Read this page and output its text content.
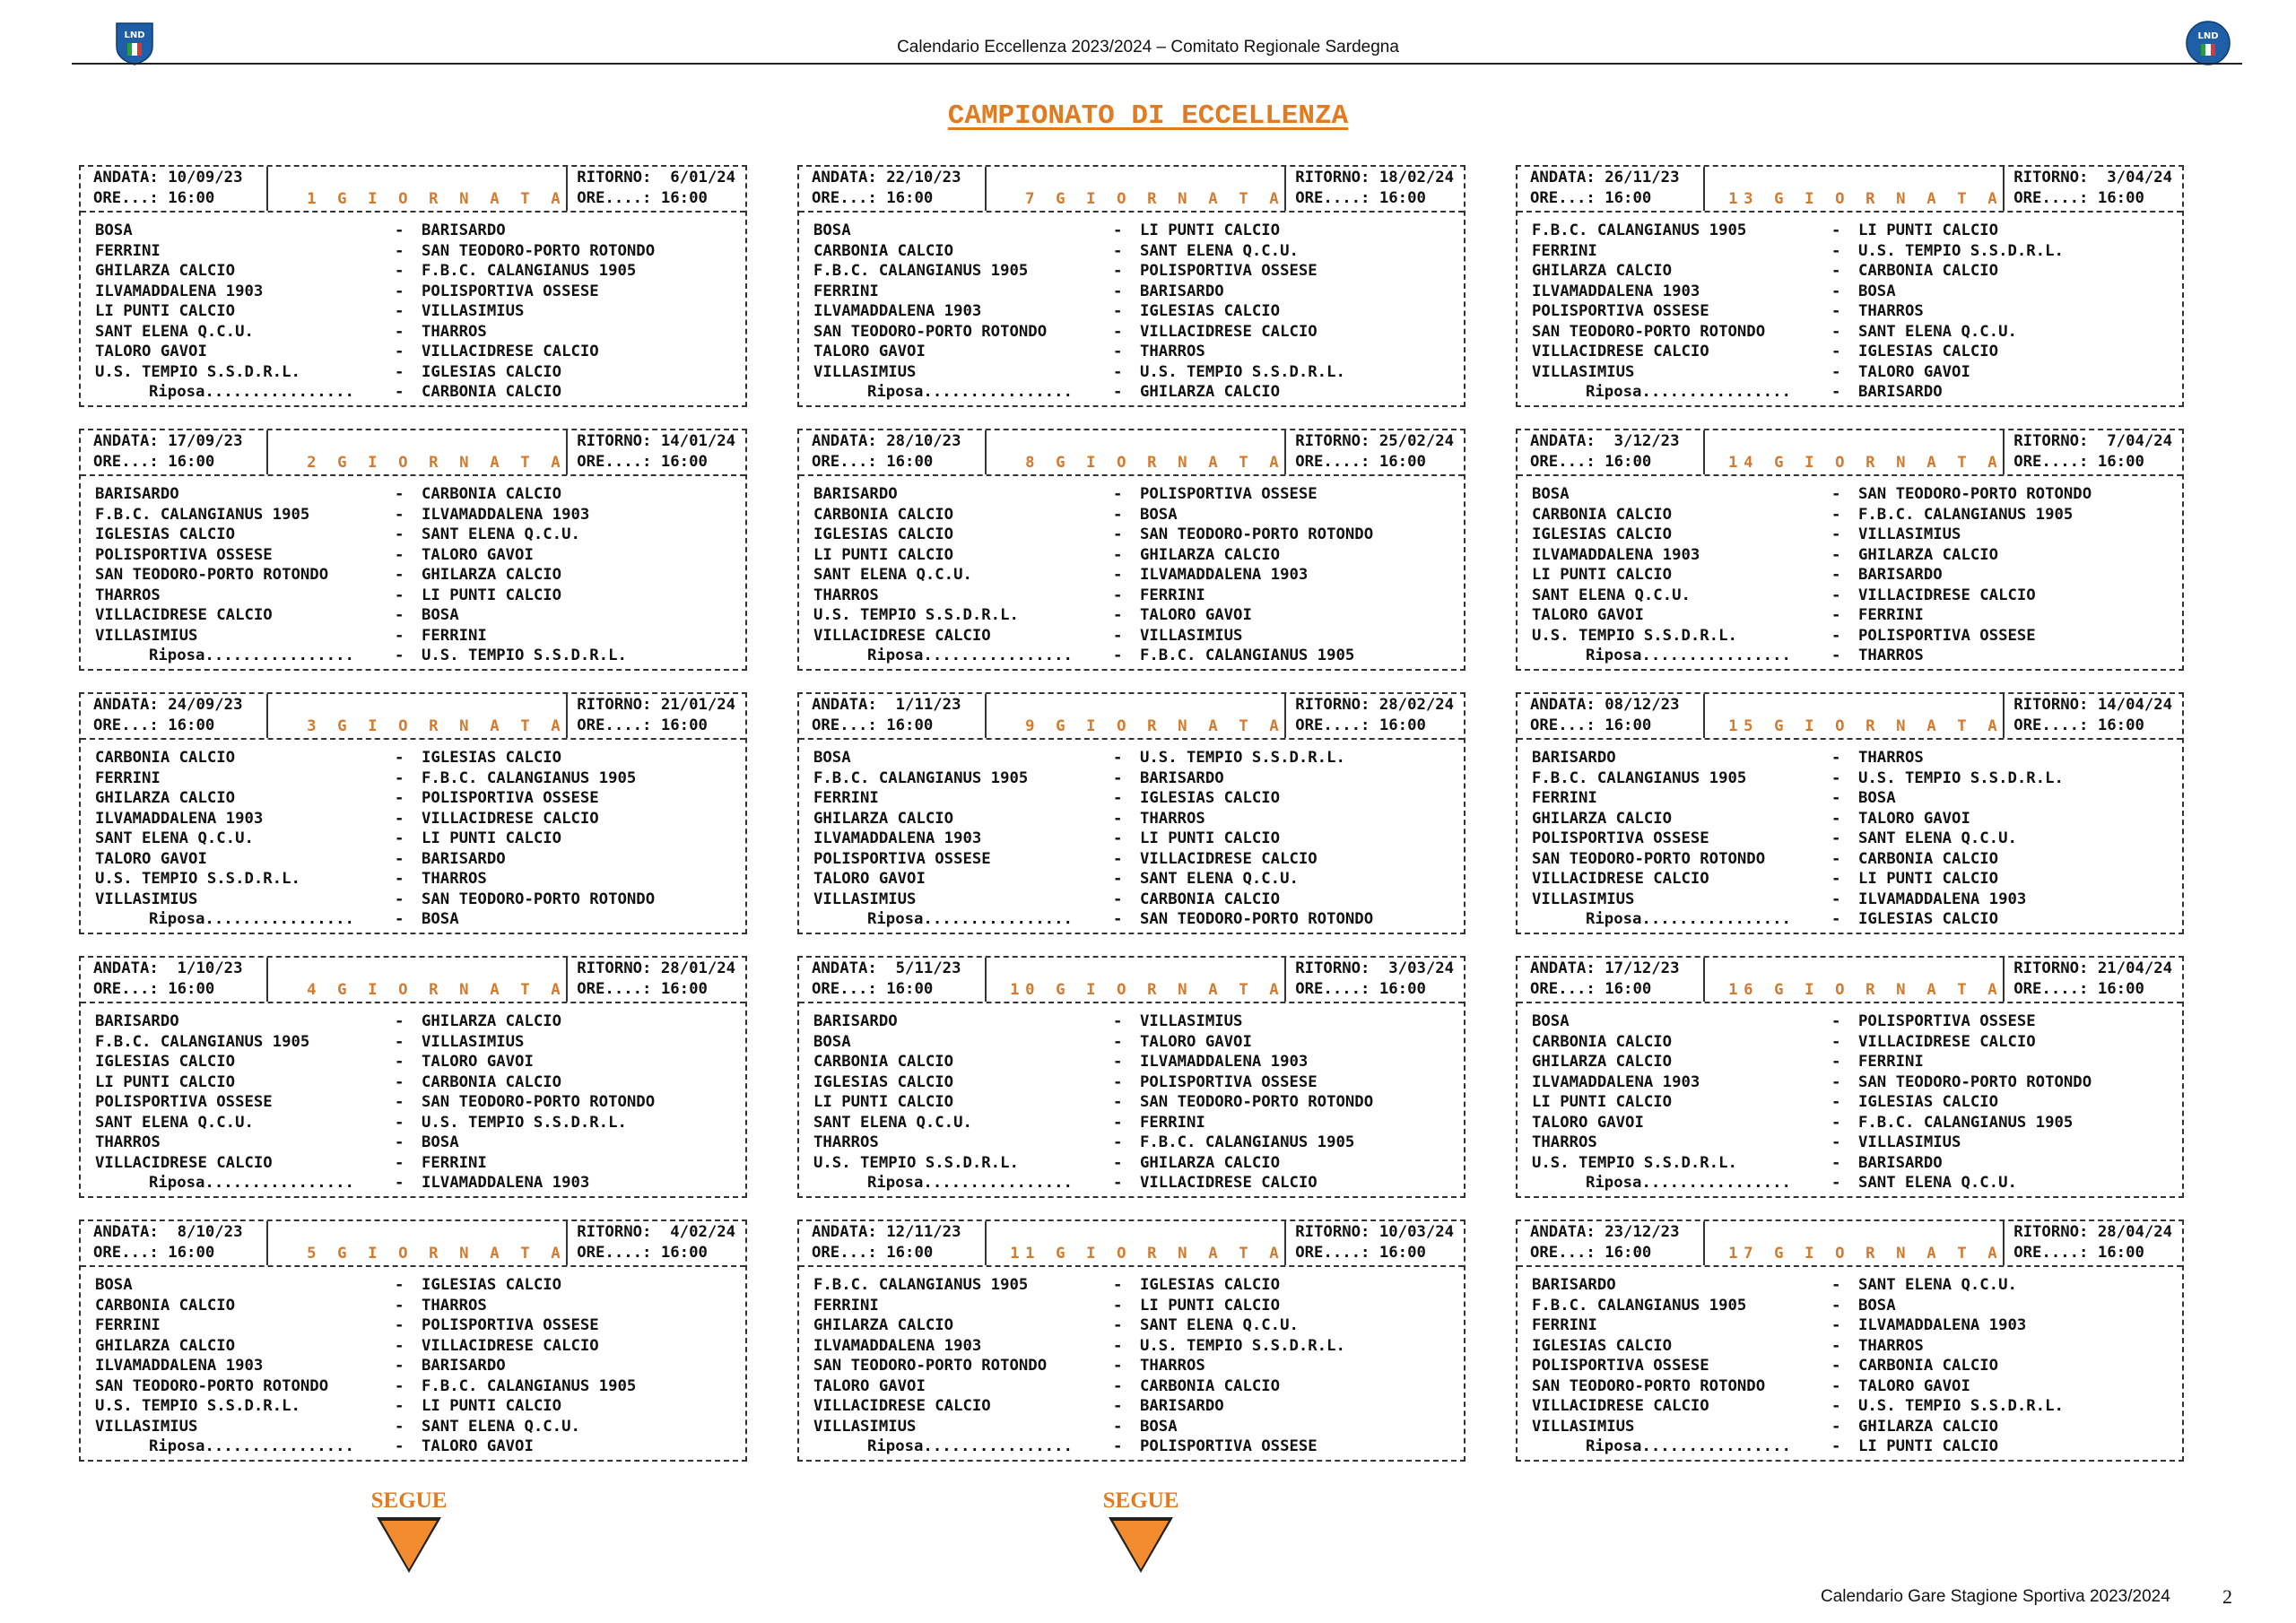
LND	LND
Calendario Eccellenza 2023/2024 – Comitato Regionale Sardegna
CAMPIONATO DI ECCELLENZA
ANDATA: 10/09/23
ORE...: 16:00	1 G I O R N A T A
RITORNO:  6/01/24
ORE....: 16:00
BOSA	-	BARISARDO
FERRINI	-	SAN TEODORO-PORTO ROTONDO
GHILARZA CALCIO	-	F.B.C. CALANGIANUS 1905
ILVAMADDALENA 1903	-	POLISPORTIVA OSSESE
LI PUNTI CALCIO	-	VILLASIMIUS
SANT ELENA Q.C.U.	-	THARROS
TALORO GAVOI	-	VILLACIDRESE CALCIO
U.S. TEMPIO S.S.D.R.L.	-	IGLESIAS CALCIO
Riposa................	-	CARBONIA CALCIO
ANDATA: 17/09/23
ORE...: 16:00	2 G I O R N A T A
RITORNO: 14/01/24
ORE....: 16:00
BARISARDO	-	CARBONIA CALCIO
F.B.C. CALANGIANUS 1905	-	ILVAMADDALENA 1903
IGLESIAS CALCIO	-	SANT ELENA Q.C.U.
POLISPORTIVA OSSESE	-	TALORO GAVOI
SAN TEODORO-PORTO ROTONDO	-	GHILARZA CALCIO
THARROS	-	LI PUNTI CALCIO
VILLACIDRESE CALCIO	-	BOSA
VILLASIMIUS	-	FERRINI
Riposa................	-	U.S. TEMPIO S.S.D.R.L.
ANDATA: 24/09/23
ORE...: 16:00	3 G I O R N A T A
RITORNO: 21/01/24
ORE....: 16:00
CARBONIA CALCIO	-	IGLESIAS CALCIO
FERRINI	-	F.B.C. CALANGIANUS 1905
GHILARZA CALCIO	-	POLISPORTIVA OSSESE
ILVAMADDALENA 1903	-	VILLACIDRESE CALCIO
SANT ELENA Q.C.U.	-	LI PUNTI CALCIO
TALORO GAVOI	-	BARISARDO
U.S. TEMPIO S.S.D.R.L.	-	THARROS
VILLASIMIUS	-	SAN TEODORO-PORTO ROTONDO
Riposa................	-	BOSA
ANDATA:  1/10/23
ORE...: 16:00	4 G I O R N A T A
RITORNO: 28/01/24
ORE....: 16:00
BARISARDO	-	GHILARZA CALCIO
F.B.C. CALANGIANUS 1905	-	VILLASIMIUS
IGLESIAS CALCIO	-	TALORO GAVOI
LI PUNTI CALCIO	-	CARBONIA CALCIO
POLISPORTIVA OSSESE	-	SAN TEODORO-PORTO ROTONDO
SANT ELENA Q.C.U.	-	U.S. TEMPIO S.S.D.R.L.
THARROS	-	BOSA
VILLACIDRESE CALCIO	-	FERRINI
Riposa................	-	ILVAMADDALENA 1903
ANDATA:  8/10/23
ORE...: 16:00	5 G I O R N A T A
RITORNO:  4/02/24
ORE....: 16:00
BOSA	-	IGLESIAS CALCIO
CARBONIA CALCIO	-	THARROS
FERRINI	-	POLISPORTIVA OSSESE
GHILARZA CALCIO	-	VILLACIDRESE CALCIO
ILVAMADDALENA 1903	-	BARISARDO
SAN TEODORO-PORTO ROTONDO	-	F.B.C. CALANGIANUS 1905
U.S. TEMPIO S.S.D.R.L.	-	LI PUNTI CALCIO
VILLASIMIUS	-	SANT ELENA Q.C.U.
Riposa................	-	TALORO GAVOI
ANDATA: 22/10/23
ORE...: 16:00	7 G I O R N A T A
RITORNO: 18/02/24
ORE....: 16:00
BOSA	-	LI PUNTI CALCIO
CARBONIA CALCIO	-	SANT ELENA Q.C.U.
F.B.C. CALANGIANUS 1905	-	POLISPORTIVA OSSESE
FERRINI	-	BARISARDO
ILVAMADDALENA 1903	-	IGLESIAS CALCIO
SAN TEODORO-PORTO ROTONDO	-	VILLACIDRESE CALCIO
TALORO GAVOI	-	THARROS
VILLASIMIUS	-	U.S. TEMPIO S.S.D.R.L.
Riposa................	-	GHILARZA CALCIO
ANDATA: 28/10/23
ORE...: 16:00	8 G I O R N A T A
RITORNO: 25/02/24
ORE....: 16:00
BARISARDO	-	POLISPORTIVA OSSESE
CARBONIA CALCIO	-	BOSA
IGLESIAS CALCIO	-	SAN TEODORO-PORTO ROTONDO
LI PUNTI CALCIO	-	GHILARZA CALCIO
SANT ELENA Q.C.U.	-	ILVAMADDALENA 1903
THARROS	-	FERRINI
U.S. TEMPIO S.S.D.R.L.	-	TALORO GAVOI
VILLACIDRESE CALCIO	-	VILLASIMIUS
Riposa................	-	F.B.C. CALANGIANUS 1905
ANDATA:  1/11/23
ORE...: 16:00	9 G I O R N A T A
RITORNO: 28/02/24
ORE....: 16:00
BOSA	-	U.S. TEMPIO S.S.D.R.L.
F.B.C. CALANGIANUS 1905	-	BARISARDO
FERRINI	-	IGLESIAS CALCIO
GHILARZA CALCIO	-	THARROS
ILVAMADDALENA 1903	-	LI PUNTI CALCIO
POLISPORTIVA OSSESE	-	VILLACIDRESE CALCIO
TALORO GAVOI	-	SANT ELENA Q.C.U.
VILLASIMIUS	-	CARBONIA CALCIO
Riposa................	-	SAN TEODORO-PORTO ROTONDO
ANDATA:  5/11/23
ORE...: 16:00	10 G I O R N A T A
RITORNO:  3/03/24
ORE....: 16:00
BARISARDO	-	VILLASIMIUS
BOSA	-	TALORO GAVOI
CARBONIA CALCIO	-	ILVAMADDALENA 1903
IGLESIAS CALCIO	-	POLISPORTIVA OSSESE
LI PUNTI CALCIO	-	SAN TEODORO-PORTO ROTONDO
SANT ELENA Q.C.U.	-	FERRINI
THARROS	-	F.B.C. CALANGIANUS 1905
U.S. TEMPIO S.S.D.R.L.	-	GHILARZA CALCIO
Riposa................	-	VILLACIDRESE CALCIO
ANDATA: 12/11/23
ORE...: 16:00	11 G I O R N A T A
RITORNO: 10/03/24
ORE....: 16:00
F.B.C. CALANGIANUS 1905	-	IGLESIAS CALCIO
FERRINI	-	LI PUNTI CALCIO
GHILARZA CALCIO	-	SANT ELENA Q.C.U.
ILVAMADDALENA 1903	-	U.S. TEMPIO S.S.D.R.L.
SAN TEODORO-PORTO ROTONDO	-	THARROS
TALORO GAVOI	-	CARBONIA CALCIO
VILLACIDRESE CALCIO	-	BARISARDO
VILLASIMIUS	-	BOSA
Riposa................	-	POLISPORTIVA OSSESE
ANDATA: 26/11/23
ORE...: 16:00	13 G I O R N A T A
RITORNO:  3/04/24
ORE....: 16:00
F.B.C. CALANGIANUS 1905	-	LI PUNTI CALCIO
FERRINI	-	U.S. TEMPIO S.S.D.R.L.
GHILARZA CALCIO	-	CARBONIA CALCIO
ILVAMADDALENA 1903	-	BOSA
POLISPORTIVA OSSESE	-	THARROS
SAN TEODORO-PORTO ROTONDO	-	SANT ELENA Q.C.U.
VILLACIDRESE CALCIO	-	IGLESIAS CALCIO
VILLASIMIUS	-	TALORO GAVOI
Riposa................	-	BARISARDO
ANDATA:  3/12/23
ORE...: 16:00	14 G I O R N A T A
RITORNO:  7/04/24
ORE....: 16:00
BOSA	-	SAN TEODORO-PORTO ROTONDO
CARBONIA CALCIO	-	F.B.C. CALANGIANUS 1905
IGLESIAS CALCIO	-	VILLASIMIUS
ILVAMADDALENA 1903	-	GHILARZA CALCIO
LI PUNTI CALCIO	-	BARISARDO
SANT ELENA Q.C.U.	-	VILLACIDRESE CALCIO
TALORO GAVOI	-	FERRINI
U.S. TEMPIO S.S.D.R.L.	-	POLISPORTIVA OSSESE
Riposa................	-	THARROS
ANDATA: 08/12/23
ORE...: 16:00	15 G I O R N A T A
RITORNO: 14/04/24
ORE....: 16:00
BARISARDO	-	THARROS
F.B.C. CALANGIANUS 1905	-	U.S. TEMPIO S.S.D.R.L.
FERRINI	-	BOSA
GHILARZA CALCIO	-	TALORO GAVOI
POLISPORTIVA OSSESE	-	SANT ELENA Q.C.U.
SAN TEODORO-PORTO ROTONDO	-	CARBONIA CALCIO
VILLACIDRESE CALCIO	-	LI PUNTI CALCIO
VILLASIMIUS	-	ILVAMADDALENA 1903
Riposa................	-	IGLESIAS CALCIO
ANDATA: 17/12/23
ORE...: 16:00	16 G I O R N A T A
RITORNO: 21/04/24
ORE....: 16:00
BOSA	-	POLISPORTIVA OSSESE
CARBONIA CALCIO	-	VILLACIDRESE CALCIO
GHILARZA CALCIO	-	FERRINI
ILVAMADDALENA 1903	-	SAN TEODORO-PORTO ROTONDO
LI PUNTI CALCIO	-	IGLESIAS CALCIO
TALORO GAVOI	-	F.B.C. CALANGIANUS 1905
THARROS	-	VILLASIMIUS
U.S. TEMPIO S.S.D.R.L.	-	BARISARDO
Riposa................	-	SANT ELENA Q.C.U.
ANDATA: 23/12/23
ORE...: 16:00	17 G I O R N A T A
RITORNO: 28/04/24
ORE....: 16:00
BARISARDO	-	SANT ELENA Q.C.U.
F.B.C. CALANGIANUS 1905	-	BOSA
FERRINI	-	ILVAMADDALENA 1903
IGLESIAS CALCIO	-	THARROS
POLISPORTIVA OSSESE	-	CARBONIA CALCIO
SAN TEODORO-PORTO ROTONDO	-	TALORO GAVOI
VILLACIDRESE CALCIO	-	U.S. TEMPIO S.S.D.R.L.
VILLASIMIUS	-	GHILARZA CALCIO
Riposa................	-	LI PUNTI CALCIO
SEGUE	SEGUE
Calendario Gare Stagione Sportiva 2023/2024	2
